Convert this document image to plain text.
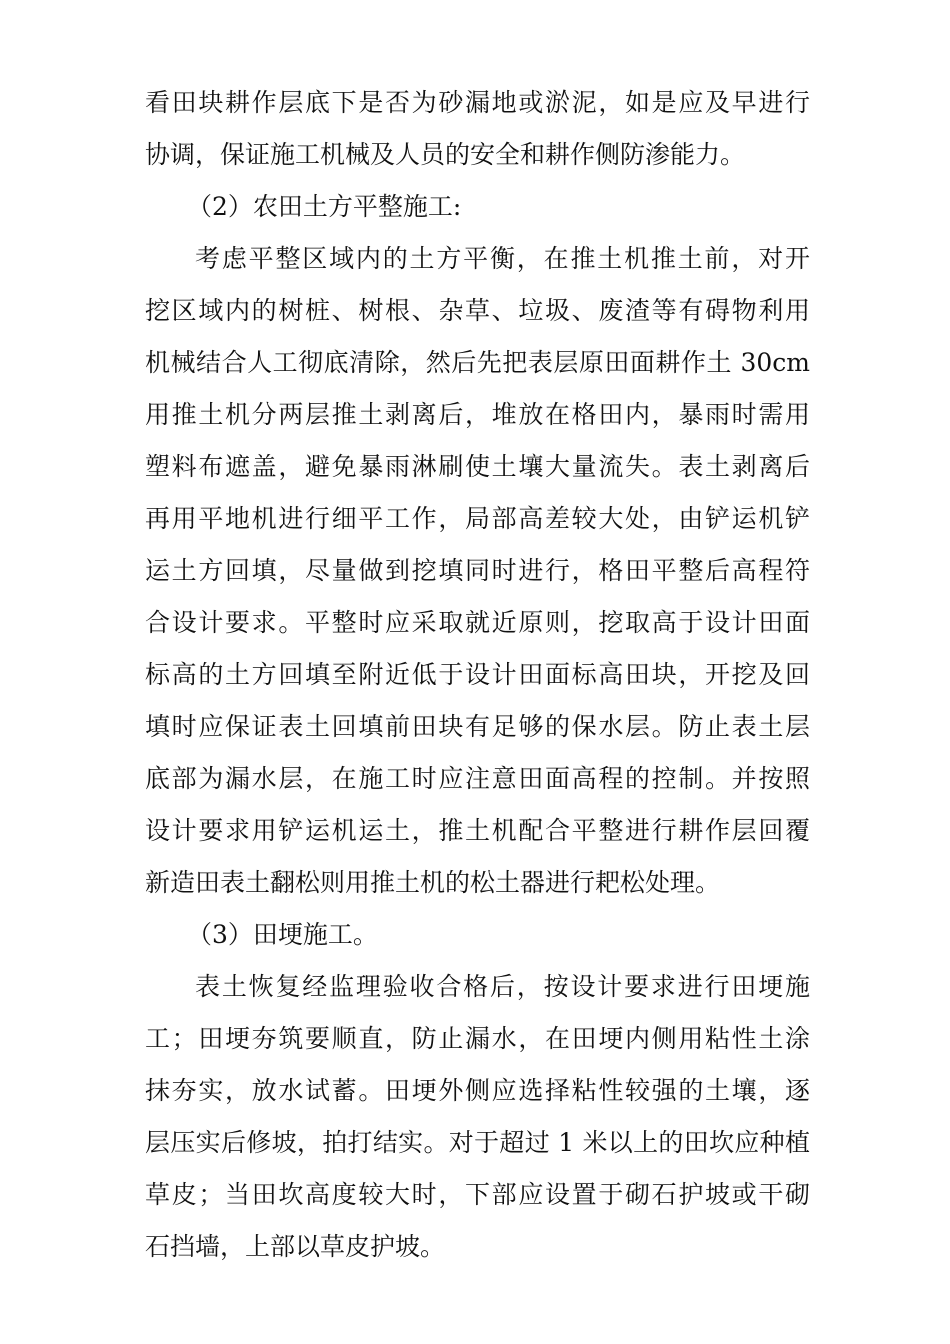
看田块耕作层底下是否为砂漏地或淤泥，如是应及早进行
协调，保证施工机械及人员的安全和耕作侧防渗能力。
（2）农田土方平整施工:
考虑平整区域内的土方平衡，在推土机推土前，对开
挖区域内的树桩、树根、杂草、垃圾、废渣等有碍物利用
机械结合人工彻底清除，然后先把表层原田面耕作土 30cm
用推土机分两层推土剥离后，堆放在格田内，暴雨时需用
塑料布遮盖，避免暴雨淋刷使土壤大量流失。表土剥离后
再用平地机进行细平工作，局部高差较大处，由铲运机铲
运土方回填，尽量做到挖填同时进行，格田平整后高程符
合设计要求。平整时应采取就近原则，挖取高于设计田面
标高的土方回填至附近低于设计田面标高田块，开挖及回
填时应保证表土回填前田块有足够的保水层。防止表土层
底部为漏水层，在施工时应注意田面高程的控制。并按照
设计要求用铲运机运土，推土机配合平整进行耕作层回覆
新造田表土翻松则用推土机的松土器进行耙松处理。
（3）田埂施工。
表土恢复经监理验收合格后，按设计要求进行田埂施
工；田埂夯筑要顺直，防止漏水，在田埂内侧用粘性土涂
抹夯实，放水试蓄。田埂外侧应选择粘性较强的土壤，逐
层压实后修坡，拍打结实。对于超过 1 米以上的田坎应种植
草皮；当田坎高度较大时，下部应设置于砌石护坡或干砌
石挡墙，上部以草皮护坡。
